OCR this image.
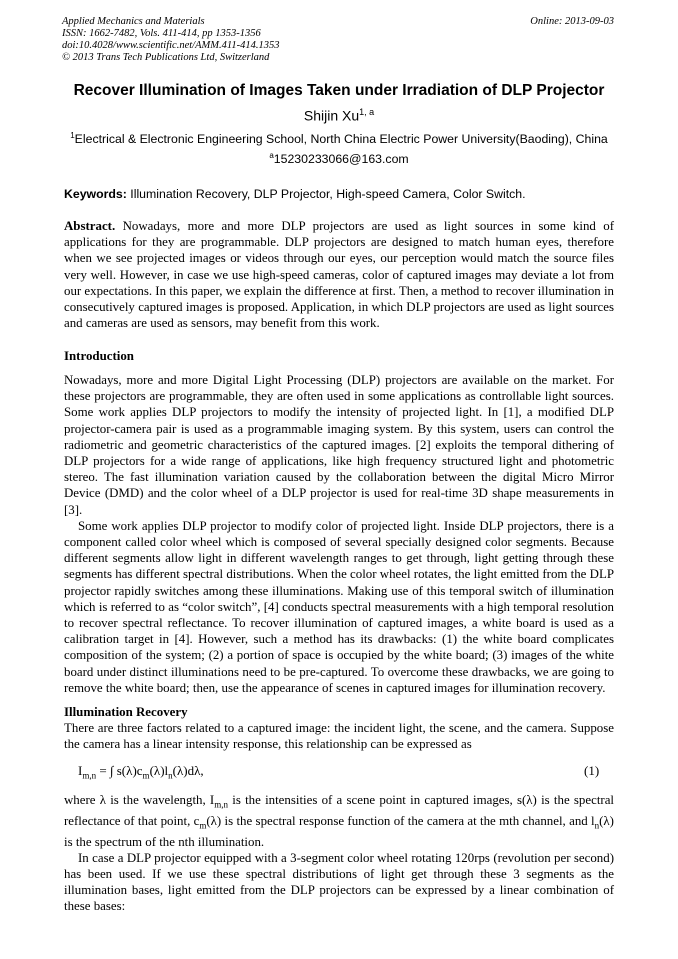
Applied Mechanics and Materials
ISSN: 1662-7482, Vols. 411-414, pp 1353-1356
doi:10.4028/www.scientific.net/AMM.411-414.1353
© 2013 Trans Tech Publications Ltd, Switzerland
Online: 2013-09-03
Recover Illumination of Images Taken under Irradiation of DLP Projector
Shijin Xu$^{1, a}$
$^1$Electrical & Electronic Engineering School, North China Electric Power University(Baoding), China
$^a$15230233066@163.com
Keywords: Illumination Recovery, DLP Projector, High-speed Camera, Color Switch.
Abstract. Nowadays, more and more DLP projectors are used as light sources in some kind of applications for they are programmable. DLP projectors are designed to match human eyes, therefore when we see projected images or videos through our eyes, our perception would match the source files very well. However, in case we use high-speed cameras, color of captured images may deviate a lot from our expectations. In this paper, we explain the difference at first. Then, a method to recover illumination in consecutively captured images is proposed. Application, in which DLP projectors are used as light sources and cameras are used as sensors, may benefit from this work.
Introduction

Nowadays, more and more Digital Light Processing (DLP) projectors are available on the market. For these projectors are programmable, they are often used in some applications as controllable light sources. Some work applies DLP projectors to modify the intensity of projected light. In [1], a modified DLP projector-camera pair is used as a programmable imaging system. By this system, users can control the radiometric and geometric characteristics of the captured images. [2] exploits the temporal dithering of DLP projectors for a wide range of applications, like high frequency structured light and photometric stereo. The fast illumination variation caused by the collaboration between the digital Micro Mirror Device (DMD) and the color wheel of a DLP projector is used for real-time 3D shape measurements in [3].

Some work applies DLP projector to modify color of projected light. Inside DLP projectors, there is a component called color wheel which is composed of several specially designed color segments. Because different segments allow light in different wavelength ranges to get through, light getting through these segments has different spectral distributions. When the color wheel rotates, the light emitted from the DLP projector rapidly switches among these illuminations. Making use of this temporal switch of illumination which is referred to as “color switch”, [4] conducts spectral measurements with a high temporal resolution to recover spectral reflectance. To recover illumination of captured images, a white board is used as a calibration target in [4]. However, such a method has its drawbacks: (1) the white board complicates composition of the system; (2) a portion of space is occupied by the white board; (3) images of the white board under distinct illuminations need to be pre-captured. To overcome these drawbacks, we are going to remove the white board; then, use the appearance of scenes in captured images for illumination recovery.

Illumination Recovery

There are three factors related to a captured image: the incident light, the scene, and the camera. Suppose the camera has a linear intensity response, this relationship can be expressed as

$I_{m,n}$ = ∫ $s(\lambda)c_m(\lambda)l_n(\lambda)d\lambda$,	(1)

where λ is the wavelength, $I_{m,n}$ is the intensities of a scene point in captured images, s(λ) is the spectral reflectance of that point, $c_m(\lambda)$ is the spectral response function of the camera at the mth channel, and $l_n(\lambda)$ is the spectrum of the nth illumination.

In case a DLP projector equipped with a 3-segment color wheel rotating 120rps (revolution per second) has been used. If we use these spectral distributions of light get through these 3 segments as the illumination bases, light emitted from the DLP projectors can be expressed by a linear combination of these bases:
